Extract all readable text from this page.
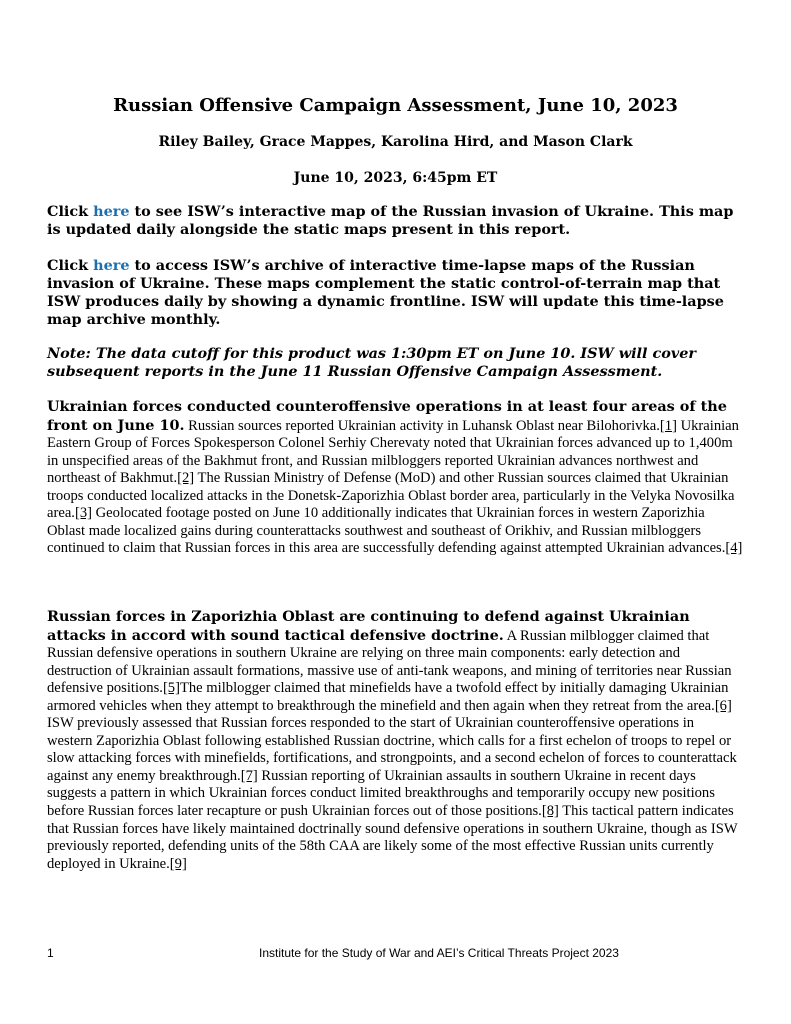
Russian Offensive Campaign Assessment, June 10, 2023
Riley Bailey, Grace Mappes, Karolina Hird, and Mason Clark
June 10, 2023, 6:45pm ET
Click here to see ISW’s interactive map of the Russian invasion of Ukraine. This map is updated daily alongside the static maps present in this report.
Click here to access ISW’s archive of interactive time-lapse maps of the Russian invasion of Ukraine. These maps complement the static control-of-terrain map that ISW produces daily by showing a dynamic frontline. ISW will update this time-lapse map archive monthly.
Note: The data cutoff for this product was 1:30pm ET on June 10. ISW will cover subsequent reports in the June 11 Russian Offensive Campaign Assessment.
Ukrainian forces conducted counteroffensive operations in at least four areas of the front on June 10. Russian sources reported Ukrainian activity in Luhansk Oblast near Bilohorivka.[1] Ukrainian Eastern Group of Forces Spokesperson Colonel Serhiy Cherevaty noted that Ukrainian forces advanced up to 1,400m in unspecified areas of the Bakhmut front, and Russian milbloggers reported Ukrainian advances northwest and northeast of Bakhmut.[2] The Russian Ministry of Defense (MoD) and other Russian sources claimed that Ukrainian troops conducted localized attacks in the Donetsk-Zaporizhia Oblast border area, particularly in the Velyka Novosilka area.[3] Geolocated footage posted on June 10 additionally indicates that Ukrainian forces in western Zaporizhia Oblast made localized gains during counterattacks southwest and southeast of Orikhiv, and Russian milbloggers continued to claim that Russian forces in this area are successfully defending against attempted Ukrainian advances.[4]
Russian forces in Zaporizhia Oblast are continuing to defend against Ukrainian attacks in accord with sound tactical defensive doctrine. A Russian milblogger claimed that Russian defensive operations in southern Ukraine are relying on three main components: early detection and destruction of Ukrainian assault formations, massive use of anti-tank weapons, and mining of territories near Russian defensive positions.[5]The milblogger claimed that minefields have a twofold effect by initially damaging Ukrainian armored vehicles when they attempt to breakthrough the minefield and then again when they retreat from the area.[6] ISW previously assessed that Russian forces responded to the start of Ukrainian counteroffensive operations in western Zaporizhia Oblast following established Russian doctrine, which calls for a first echelon of troops to repel or slow attacking forces with minefields, fortifications, and strongpoints, and a second echelon of forces to counterattack against any enemy breakthrough.[7] Russian reporting of Ukrainian assaults in southern Ukraine in recent days suggests a pattern in which Ukrainian forces conduct limited breakthroughs and temporarily occupy new positions before Russian forces later recapture or push Ukrainian forces out of those positions.[8] This tactical pattern indicates that Russian forces have likely maintained doctrinally sound defensive operations in southern Ukraine, though as ISW previously reported, defending units of the 58th CAA are likely some of the most effective Russian units currently deployed in Ukraine.[9]
1	Institute for the Study of War and AEI’s Critical Threats Project 2023
